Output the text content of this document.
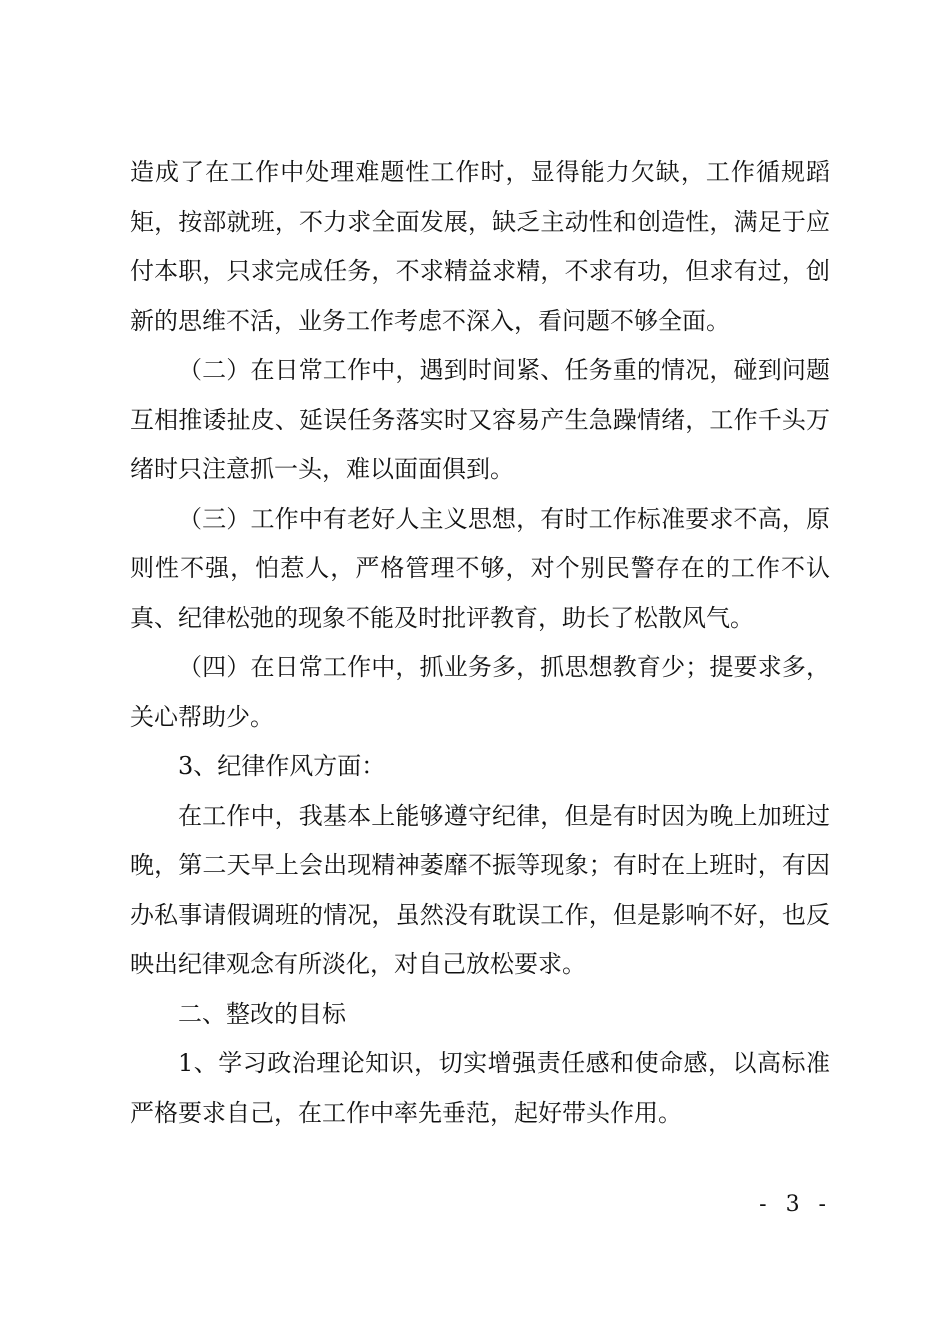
造成了在工作中处理难题性工作时，显得能力欠缺，工作循规蹈矩，按部就班，不力求全面发展，缺乏主动性和创造性，满足于应付本职，只求完成任务，不求精益求精，不求有功，但求有过，创新的思维不活，业务工作考虑不深入，看问题不够全面。

（二）在日常工作中，遇到时间紧、任务重的情况，碰到问题互相推诿扯皮、延误任务落实时又容易产生急躁情绪，工作千头万绪时只注意抓一头，难以面面俱到。

（三）工作中有老好人主义思想，有时工作标准要求不高，原则性不强，怕惹人，严格管理不够，对个别民警存在的工作不认真、纪律松弛的现象不能及时批评教育，助长了松散风气。

（四）在日常工作中，抓业务多，抓思想教育少；提要求多，关心帮助少。

3、纪律作风方面：

在工作中，我基本上能够遵守纪律，但是有时因为晚上加班过晚，第二天早上会出现精神萎靡不振等现象；有时在上班时，有因办私事请假调班的情况，虽然没有耽误工作，但是影响不好，也反映出纪律观念有所淡化，对自己放松要求。

二、整改的目标

1、学习政治理论知识，切实增强责任感和使命感，以高标准严格要求自己，在工作中率先垂范，起好带头作用。

- 3 -
